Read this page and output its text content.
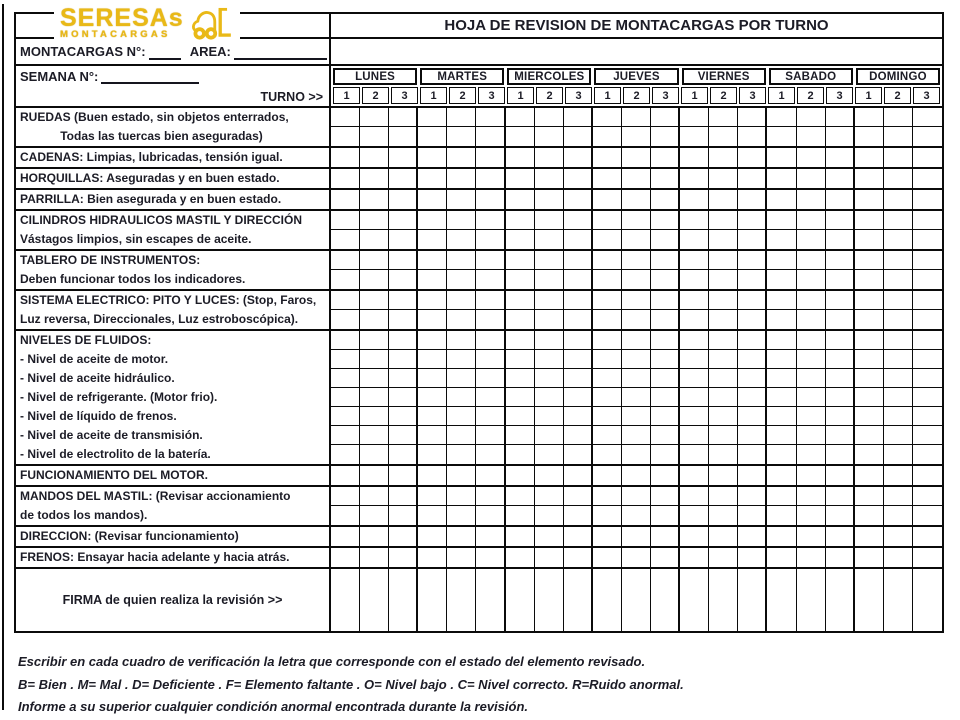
SERESAs
MONTACARGAS
HOJA DE REVISION DE MONTACARGAS POR TURNO
MONTACARGAS N°:	AREA:
SEMANA N°:
TURNO >>
LUNES	MARTES	MIERCOLES	JUEVES	VIERNES	SABADO	DOMINGO
1	2	3	1	2	3	1	2	3	1	2	3	1	2	3	1	2	3	1	2	3
RUEDAS (Buen estado, sin objetos enterrados,
Todas las tuercas bien aseguradas)
CADENAS: Limpias, lubricadas, tensión igual.
HORQUILLAS: Aseguradas y en buen estado.
PARRILLA: Bien asegurada y en buen estado.
CILINDROS HIDRAULICOS MASTIL Y DIRECCIÓN
Vástagos limpios, sin escapes de aceite.
TABLERO DE INSTRUMENTOS:
Deben funcionar todos los indicadores.
SISTEMA ELECTRICO: PITO Y LUCES: (Stop, Faros,
Luz reversa, Direccionales, Luz estroboscópica).
NIVELES DE FLUIDOS:
- Nivel de aceite de motor.
- Nivel de aceite hidráulico.
- Nivel de refrigerante. (Motor frio).
- Nivel de líquido de frenos.
- Nivel de aceite de transmisión.
- Nivel de electrolito de la batería.
FUNCIONAMIENTO DEL MOTOR.
MANDOS DEL MASTIL: (Revisar accionamiento
de todos los mandos).
DIRECCION: (Revisar funcionamiento)
FRENOS: Ensayar hacia adelante y hacia atrás.
FIRMA de quien realiza la revisión >>
Escribir en cada cuadro de verificación la letra que corresponde con el estado del elemento revisado.
B= Bien . M= Mal . D= Deficiente . F= Elemento faltante . O= Nivel bajo . C= Nivel correcto. R=Ruido anormal.
Informe a su superior cualquier condición anormal encontrada durante la revisión.
